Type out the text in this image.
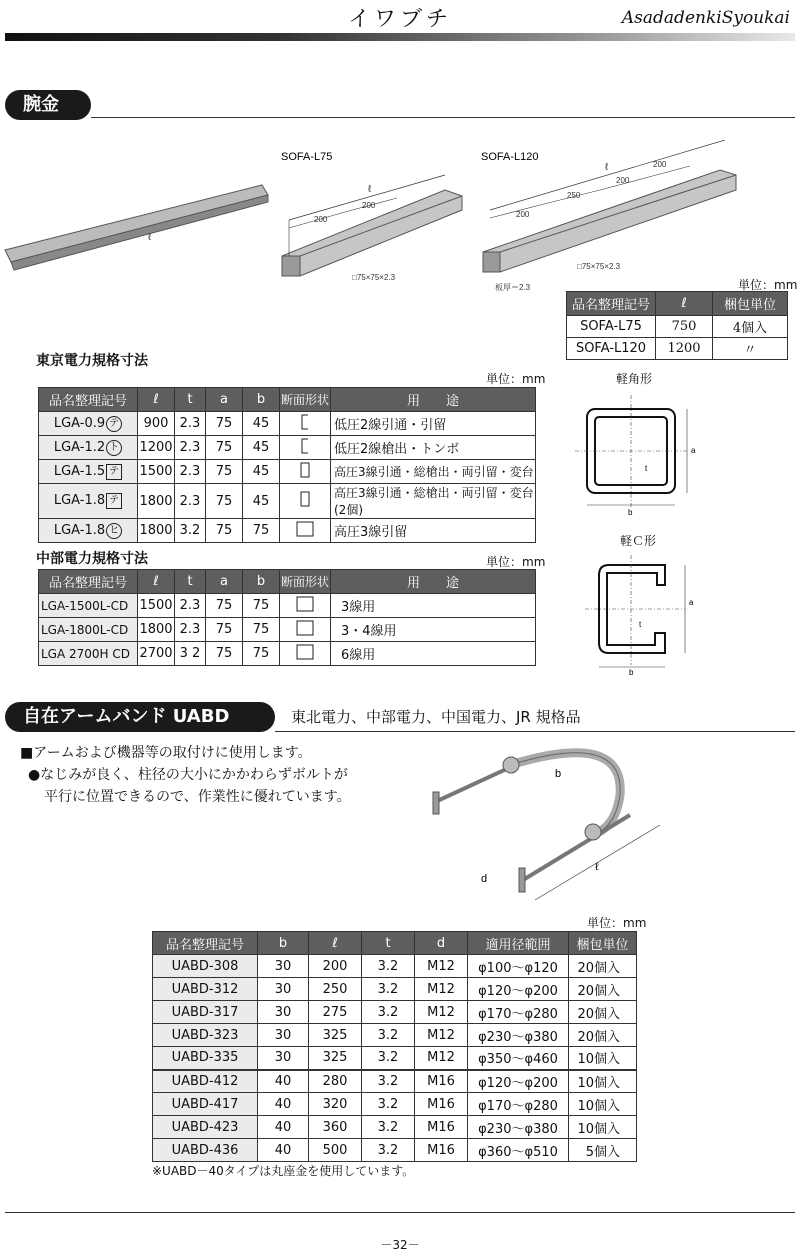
イワブチ	AsadadenkiSyoukai
腕金
ℓ
SOFA-L75
ℓ
200
200
□75×75×2.3
SOFA-L120
ℓ
200
250
200
200
□75×75×2.3
板厚＝2.3	単位：mm
品名整理記号	ℓ	梱包単位
SOFA-L75	750	4個入
SOFA-L120	1200	〃
東京電力規格寸法
単位：mm
品名整理記号	ℓ	t	a	b	断面形状	用　　途
LGA-0.9 テ	900	2.3	75	45		低圧2線引通・引留
LGA-1.2 ト	1200	2.3	75	45		低圧2線槍出・トンボ
LGA-1.5 テ	1500	2.3	75	45		高圧3線引通・総槍出・両引留・変台
LGA-1.8 テ	1800	2.3	75	45		高圧3線引通・総槍出・両引留・変台(2個)
LGA-1.8 ヒ	1800	3.2	75	75		高圧3線引留
中部電力規格寸法	単位：mm
品名整理記号	ℓ	t	a	b	断面形状	用　　途
LGA-1500L-CD	1500	2.3	75	75		3線用
LGA-1800L-CD	1800	2.3	75	75		3・4線用
LGA 2700H CD	2700	3 2	75	75		6線用
軽角形
a
b
t
軽Ｃ形
a
b
t
自在アームバンド UABD	東北電力、中部電力、中国電力、JR 規格品
■アームおよび機器等の取付けに使用します。
●なじみが良く、柱径の大小にかかわらずボルトが
平行に位置できるので、作業性に優れています。
b
d
ℓ
単位：mm
品名整理記号	b	ℓ	t	d	適用径範囲	梱包単位
UABD-308	30	200	3.2	M12	φ100～φ120	20個入
UABD-312	30	250	3.2	M12	φ120～φ200	20個入
UABD-317	30	275	3.2	M12	φ170～φ280	20個入
UABD-323	30	325	3.2	M12	φ230～φ380	20個入
UABD-335	30	325	3.2	M12	φ350～φ460	10個入
UABD-412	40	280	3.2	M16	φ120～φ200	10個入
UABD-417	40	320	3.2	M16	φ170～φ280	10個入
UABD-423	40	360	3.2	M16	φ230～φ380	10個入
UABD-436	40	500	3.2	M16	φ360～φ510	5個入
※UABD－40タイプは丸座金を使用しています。
－32－
